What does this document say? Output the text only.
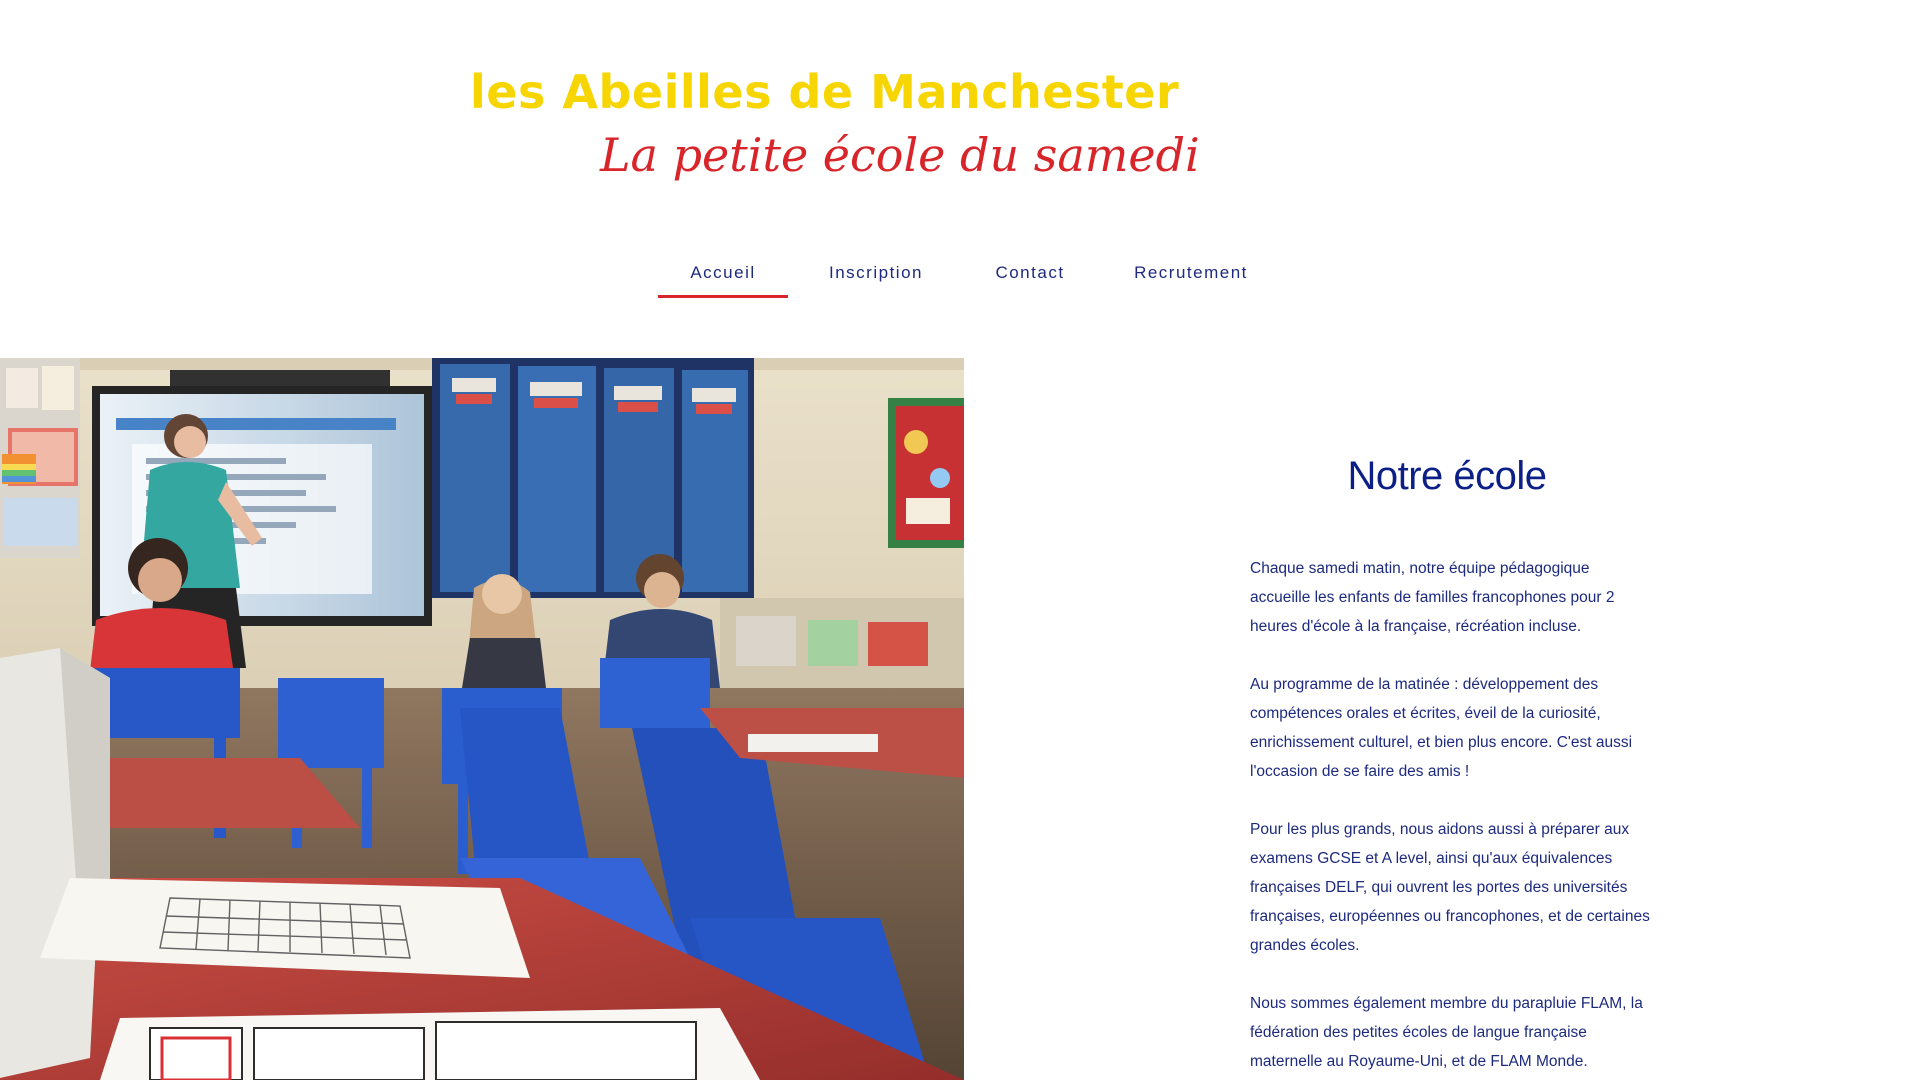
les Abeilles de Manchester

La petite école du samedi

Accueil	Inscription	Contact	Recrutement
Notre école

Chaque samedi matin, notre équipe pédagogique accueille les enfants de familles francophones pour 2 heures d'école à la française, récréation incluse.

Au programme de la matinée : développement des compétences orales et écrites, éveil de la curiosité, enrichissement culturel, et bien plus encore. C'est aussi l'occasion de se faire des amis !

Pour les plus grands, nous aidons aussi à préparer aux examens GCSE et A level, ainsi qu'aux équivalences françaises DELF, qui ouvrent les portes des universités françaises, européennes ou francophones, et de certaines grandes écoles.

Nous sommes également membre du parapluie FLAM, la fédération des petites écoles de langue française maternelle au Royaume-Uni, et de FLAM Monde.
